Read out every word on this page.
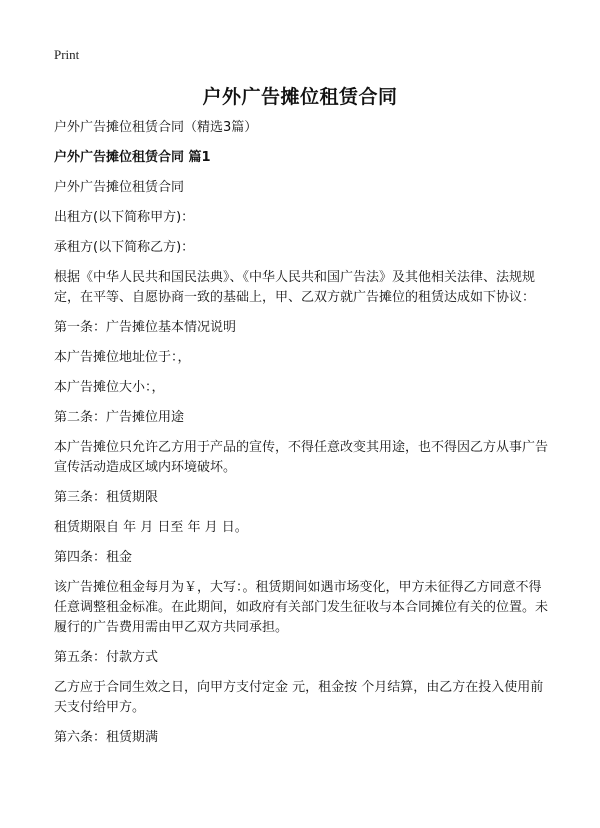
Print
户外广告摊位租赁合同

户外广告摊位租赁合同（精选3篇）

户外广告摊位租赁合同 篇1

户外广告摊位租赁合同

出租方(以下简称甲方)：

承租方(以下简称乙方)：

根据《中华人民共和国民法典》、《中华人民共和国广告法》及其他相关法律、法规规定，在平等、自愿协商一致的基础上，甲、乙双方就广告摊位的租赁达成如下协议：

第一条：广告摊位基本情况说明

本广告摊位地址位于：，

本广告摊位大小：，

第二条：广告摊位用途

本广告摊位只允许乙方用于产品的宣传，不得任意改变其用途，也不得因乙方从事广告宣传活动造成区域内环境破坏。

第三条：租赁期限

租赁期限自 年 月 日至 年 月 日。

第四条：租金

该广告摊位租金每月为￥，大写：。租赁期间如遇市场变化，甲方未征得乙方同意不得任意调整租金标准。在此期间，如政府有关部门发生征收与本合同摊位有关的位置。未履行的广告费用需由甲乙双方共同承担。

第五条：付款方式

乙方应于合同生效之日，向甲方支付定金 元，租金按 个月结算，由乙方在投入使用前 天支付给甲方。

第六条：租赁期满
